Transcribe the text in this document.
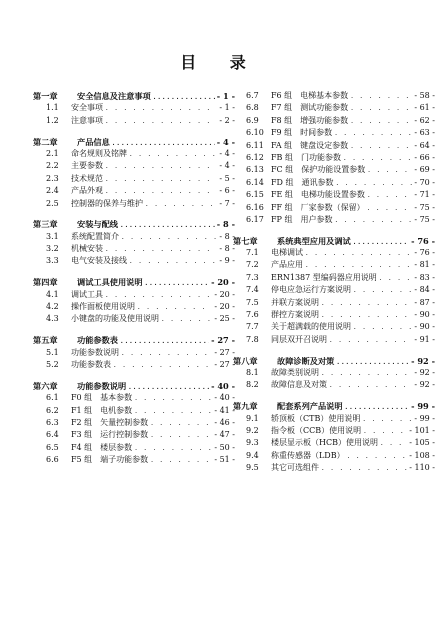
目 录
第一章	安全信息及注意事项 .....	- 1 -
1.1	安全事项 . . .	- 1 -
1.2	注意事项 . . .	- 2 -
第二章	产品信息 .....	- 4 -
2.1	命名规则及铭牌 . . .	- 4 -
2.2	主要参数 . . .	- 4 -
2.3	技术规范 . . .	- 5 -
2.4	产品外观 . . .	- 6 -
2.5	控制器的保养与维护 . . .	- 7 -
第三章	安装与配线 .....	- 8 -
3.1	系统配置简介 . . .	- 8 -
3.2	机械安装 . . .	- 8 -
3.3	电气安装及接线 . . .	- 9 -
第四章	调试工具使用说明 .....	- 20 -
4.1	调试工具 . . .	- 20 -
4.2	操作面板使用说明 . . .	- 20 -
4.3	小键盘的功能及使用说明 . . .	- 25 -
第五章	功能参数表 .....	- 27 -
5.1	功能参数说明 . . .	- 27 -
5.2	功能参数表 . . .	- 27 -
第六章	功能参数说明 .....	- 40 -
6.1	F0 组　基本参数 . . .	- 40 -
6.2	F1 组　电机参数 . . .	- 41 -
6.3	F2 组　矢量控制参数 . . .	- 46 -
6.4	F3 组　运行控制参数 . . .	- 47 -
6.5	F4 组　楼层参数 . . .	- 50 -
6.6	F5 组　端子功能参数 . . .	- 51 -
6.7	F6 组　电梯基本参数 . . .	- 58 -
6.8	F7 组　测试功能参数 . . .	- 61 -
6.9	F8 组　增强功能参数 . . .	- 62 -
6.10 F9 组　时间参数 . . .	- 63 -
6.11 FA 组　键盘设定参数 . . .	- 64 -
6.12 FB 组　门功能参数 . . .	- 66 -
6.13 FC 组　保护功能设置参数 . . .	- 69 -
6.14 FD 组　通讯参数 . . .	- 70 -
6.15 FE 组　电梯功能设置参数 . . .	- 71 -
6.16 FF 组　厂家参数（保留） . . .	- 75 -
6.17 FP 组　用户参数 . . .	- 75 -
第七章	系统典型应用及调试 .....	- 76 -
7.1	电梯调试 . . .	- 76 -
7.2	产品应用 . . .	- 81 -
7.3	ERN1387 型编码器应用说明 . . .	- 83 -
7.4	停电应急运行方案说明 . . .	- 84 -
7.5	并联方案说明 . . .	- 87 -
7.6	群控方案说明 . . .	- 90 -
7.7	关于超满载的使用说明 . . .	- 90 -
7.8	同层双开召说明 . . .	- 91 -
第八章	故障诊断及对策 .....	- 92 -
8.1	故障类别说明 . . .	- 92 -
8.2	故障信息及对策 . . .	- 92 -
第九章	配套系列产品说明 .....	- 99 -
9.1	轿顶板（CTB）使用说明 . . .	- 99 -
9.2	指令板（CCB）使用说明 . . .	- 101 -
9.3	楼层显示板（HCB）使用说明 . . .	- 105 -
9.4	称重传感器（LDB） . . .	- 108 -
9.5	其它可选组件 . . .	- 110 -
